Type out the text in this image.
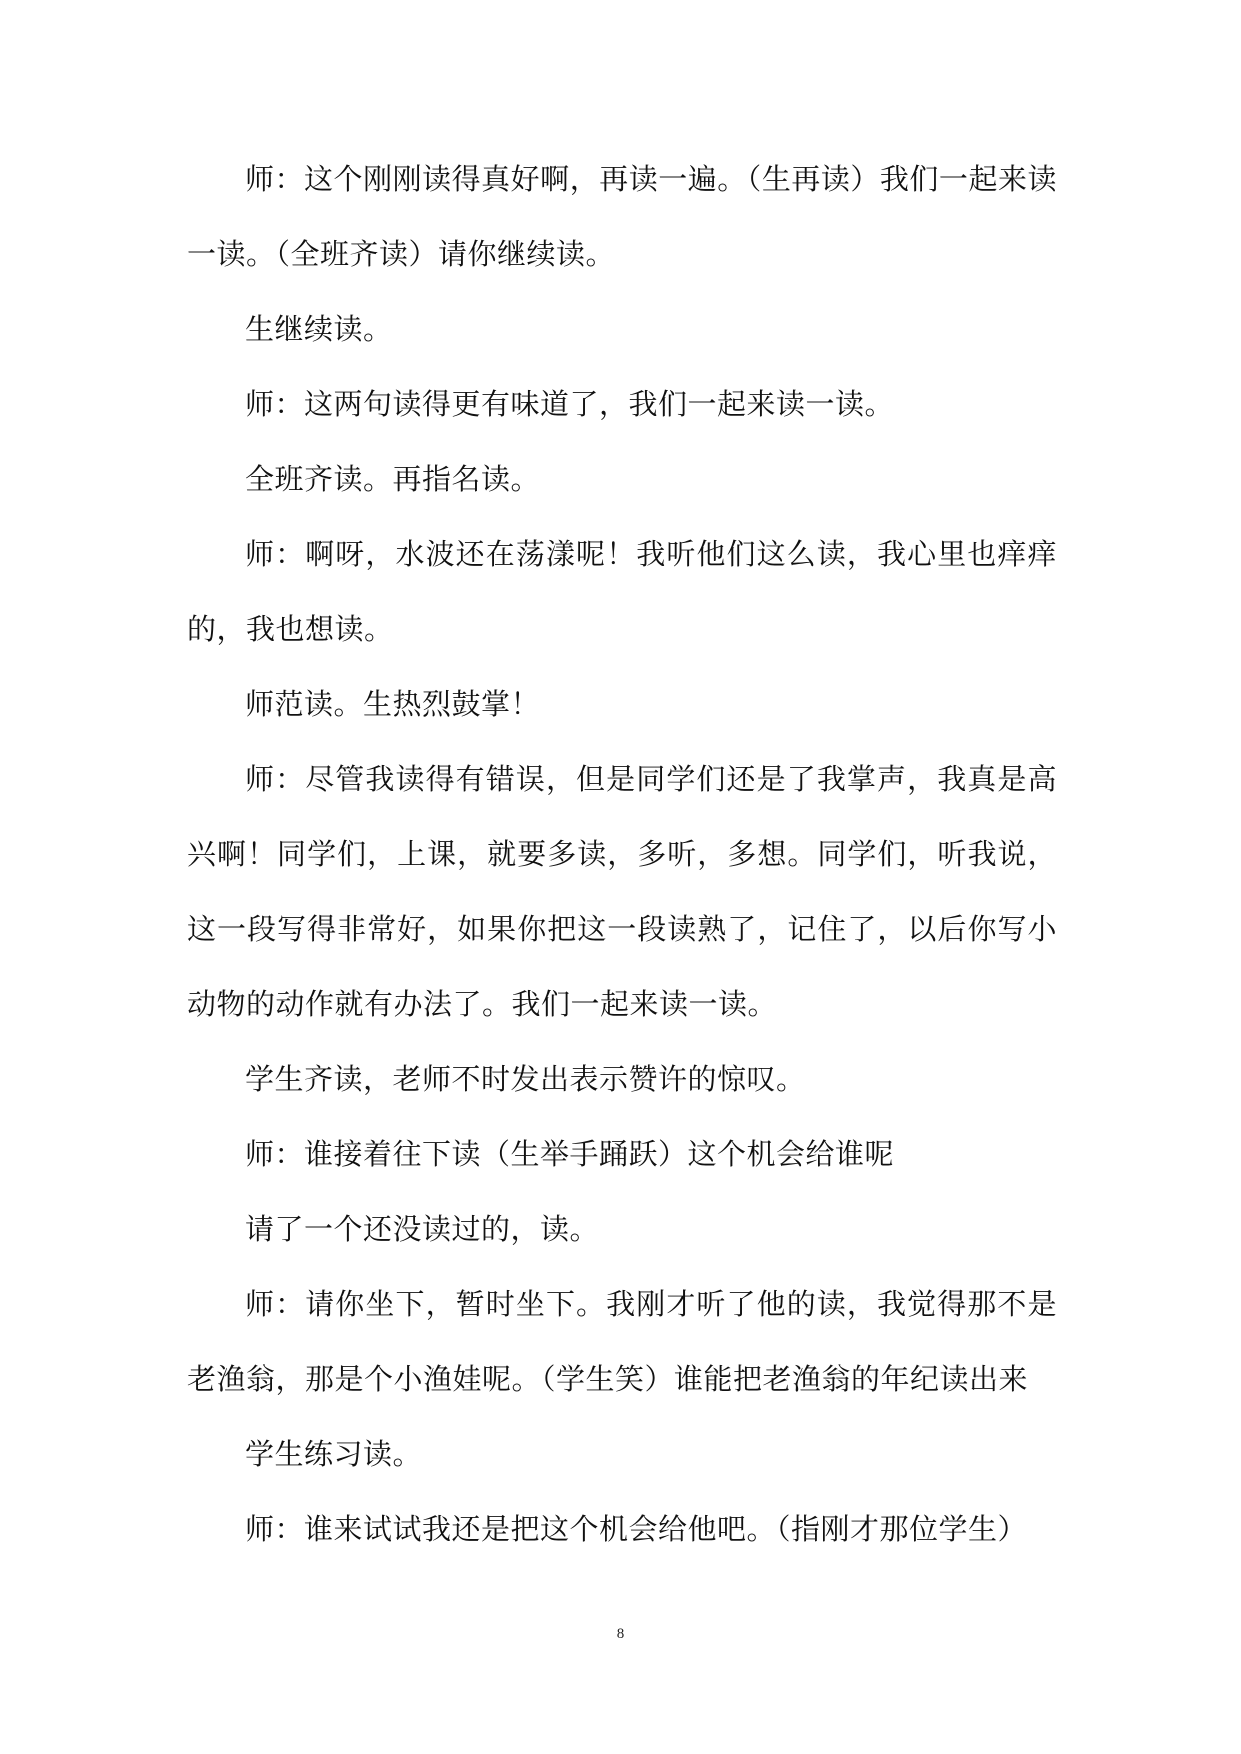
师：这个刚刚读得真好啊，再读一遍。（生再读）我们一起来读一读。（全班齐读）请你继续读。

生继续读。

师：这两句读得更有味道了，我们一起来读一读。

全班齐读。再指名读。

师：啊呀，水波还在荡漾呢！我听他们这么读，我心里也痒痒的，我也想读。

师范读。生热烈鼓掌！

师：尽管我读得有错误，但是同学们还是了我掌声，我真是高兴啊！同学们，上课，就要多读，多听，多想。同学们，听我说，这一段写得非常好，如果你把这一段读熟了，记住了，以后你写小动物的动作就有办法了。我们一起来读一读。

学生齐读，老师不时发出表示赞许的惊叹。

师：谁接着往下读（生举手踊跃）这个机会给谁呢

请了一个还没读过的，读。

师：请你坐下，暂时坐下。我刚才听了他的读，我觉得那不是老渔翁，那是个小渔娃呢。（学生笑）谁能把老渔翁的年纪读出来

学生练习读。

师：谁来试试我还是把这个机会给他吧。（指刚才那位学生）

8
